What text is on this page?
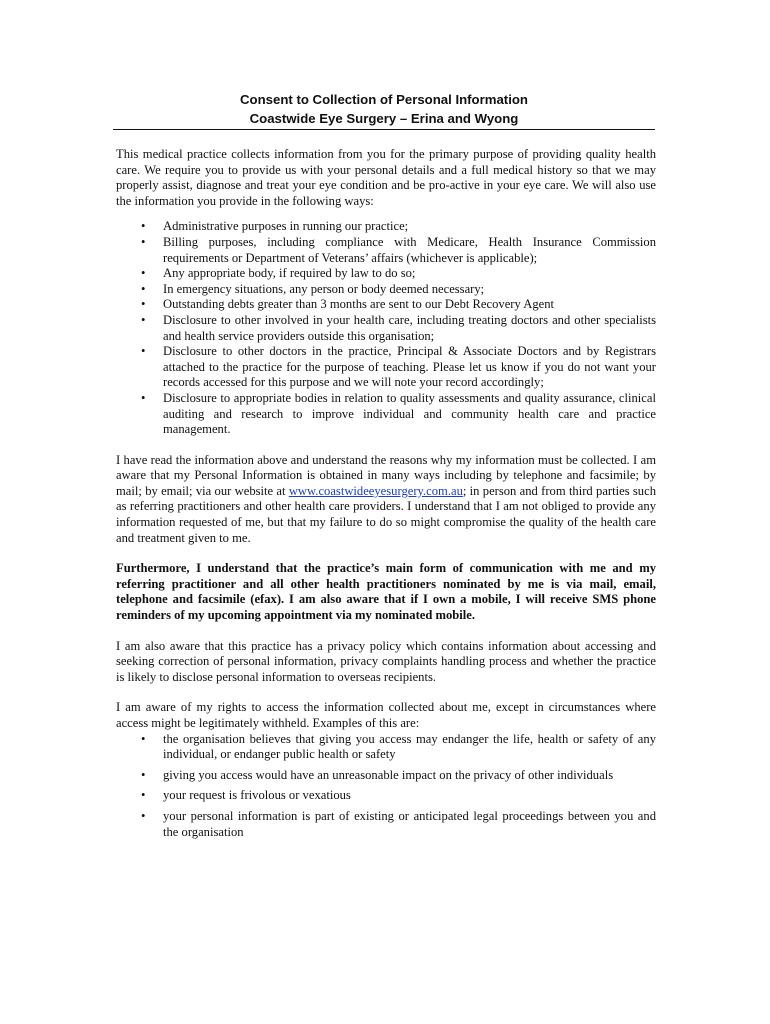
Consent to Collection of Personal Information
Coastwide Eye Surgery – Erina and Wyong

This medical practice collects information from you for the primary purpose of providing quality health care. We require you to provide us with your personal details and a full medical history so that we may properly assist, diagnose and treat your eye condition and be pro-active in your eye care. We will also use the information you provide in the following ways:

• Administrative purposes in running our practice;
• Billing purposes, including compliance with Medicare, Health Insurance Commission requirements or Department of Veterans’ affairs (whichever is applicable);
• Any appropriate body, if required by law to do so;
• In emergency situations, any person or body deemed necessary;
• Outstanding debts greater than 3 months are sent to our Debt Recovery Agent
• Disclosure to other involved in your health care, including treating doctors and other specialists and health service providers outside this organisation;
• Disclosure to other doctors in the practice, Principal & Associate Doctors and by Registrars attached to the practice for the purpose of teaching. Please let us know if you do not want your records accessed for this purpose and we will note your record accordingly;
• Disclosure to appropriate bodies in relation to quality assessments and quality assurance, clinical auditing and research to improve individual and community health care and practice management.

I have read the information above and understand the reasons why my information must be collected. I am aware that my Personal Information is obtained in many ways including by telephone and facsimile; by mail; by email; via our website at www.coastwideeyesurgery.com.au; in person and from third parties such as referring practitioners and other health care providers. I understand that I am not obliged to provide any information requested of me, but that my failure to do so might compromise the quality of the health care and treatment given to me.

Furthermore, I understand that the practice’s main form of communication with me and my referring practitioner and all other health practitioners nominated by me is via mail, email, telephone and facsimile (efax). I am also aware that if I own a mobile, I will receive SMS phone reminders of my upcoming appointment via my nominated mobile.

I am also aware that this practice has a privacy policy which contains information about accessing and seeking correction of personal information, privacy complaints handling process and whether the practice is likely to disclose personal information to overseas recipients.

I am aware of my rights to access the information collected about me, except in circumstances where access might be legitimately withheld. Examples of this are:

• the organisation believes that giving you access may endanger the life, health or safety of any individual, or endanger public health or safety
• giving you access would have an unreasonable impact on the privacy of other individuals
• your request is frivolous or vexatious
• your personal information is part of existing or anticipated legal proceedings between you and the organisation
